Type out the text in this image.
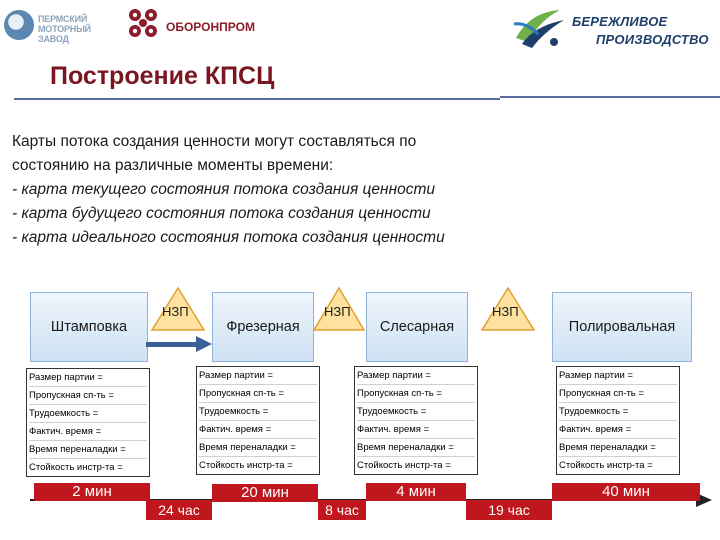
ПЕРМСКИЙ
МОТОРНЫЙ ЗАВОД
ОБОРОНПРОМ	БЕРЕЖЛИВОЕ
ПРОИЗВОДСТВО
Построение КПСЦ
Карты потока создания ценности могут составляться по
состоянию на различные моменты времени:
- карта текущего состояния потока создания ценности
- карта будущего состояния потока создания ценности
- карта идеального состояния потока создания ценности
Штамповка	Фрезерная	Слесарная	Полировальная
НЗП	НЗП	НЗП
Размер партии =
Пропускная сп-ть =
Трудоемкость =
Фактич. время =
Время переналадки =
Стойкость инстр-та =
Размер партии =
Пропускная сп-ть =
Трудоемкость =
Фактич. время =
Время переналадки =
Стойкость инстр-та =
Размер партии =
Пропускная сп-ть =
Трудоемкость =
Фактич. время =
Время переналадки =
Стойкость инстр-та =
Размер партии =
Пропускная сп-ть =
Трудоемкость =
Фактич. время =
Время переналадки =
Стойкость инстр-та =
2 мин	20 мин	4 мин	40 мин
24 час	8 час	19 час
